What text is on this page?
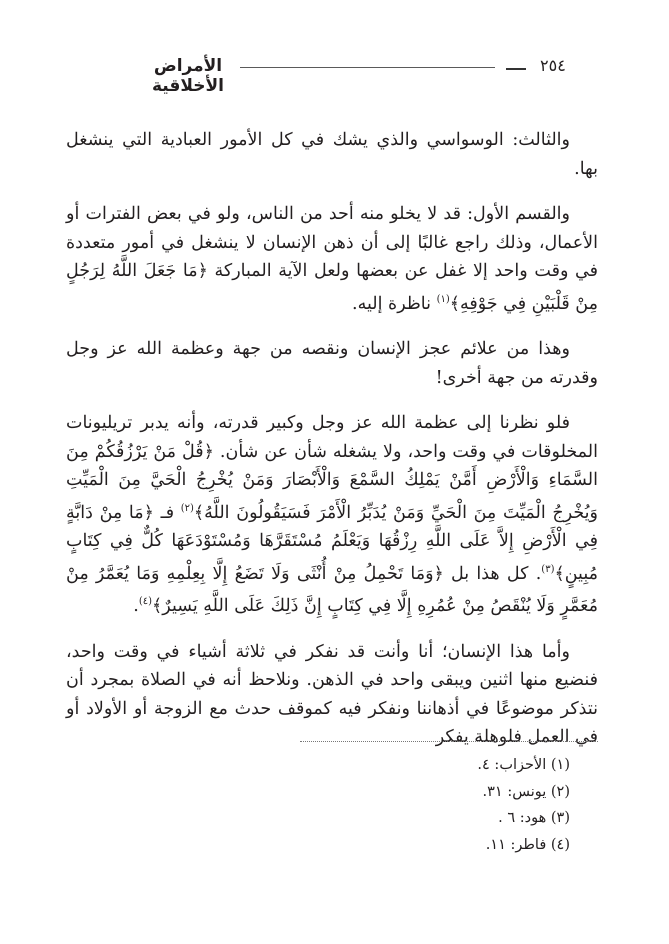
الأمراض الأخلاقية
٢٥٤

والثالث: الوسواسي والذي يشك في كل الأمور العبادية التي ينشغل بها.

والقسم الأول: قد لا يخلو منه أحد من الناس، ولو في بعض الفترات أو الأعمال، وذلك راجع غالبًا إلى أن ذهن الإنسان لا ينشغل في أمور متعددة في وقت واحد إلا غفل عن بعضها ولعل الآية المباركة ﴿مَا جَعَلَ اللَّهُ لِرَجُلٍ مِنْ قَلْبَيْنِ فِي جَوْفِهِ﴾$^{(١)}$ ناظرة إليه.

وهذا من علائم عجز الإنسان ونقصه من جهة وعظمة الله عز وجل وقدرته من جهة أخرى!

فلو نظرنا إلى عظمة الله عز وجل وكبير قدرته، وأنه يدبر تريليونات المخلوقات في وقت واحد، ولا يشغله شأن عن شأن. ﴿قُلْ مَنْ يَرْزُقُكُمْ مِنَ السَّمَاءِ وَالْأَرْضِ أَمَّنْ يَمْلِكُ السَّمْعَ وَالْأَبْصَارَ وَمَنْ يُخْرِجُ الْحَيَّ مِنَ الْمَيِّتِ وَيُخْرِجُ الْمَيِّتَ مِنَ الْحَيِّ وَمَنْ يُدَبِّرُ الْأَمْرَ فَسَيَقُولُونَ اللَّهُ﴾$^{(٢)}$ فـ ﴿مَا مِنْ دَابَّةٍ فِي الْأَرْضِ إِلاَّ عَلَى اللَّهِ رِزْقُهَا وَيَعْلَمُ مُسْتَقَرَّهَا وَمُسْتَوْدَعَهَا كُلٌّ فِي كِتَابٍ مُبِينٍ﴾$^{(٣)}$. كل هذا بل ﴿وَمَا تَحْمِلُ مِنْ أُنْثَى وَلَا تَضَعُ إِلَّا بِعِلْمِهِ وَمَا يُعَمَّرُ مِنْ مُعَمَّرٍ وَلَا يُنْقَصُ مِنْ عُمُرِهِ إِلَّا فِي كِتَابٍ إِنَّ ذَلِكَ عَلَى اللَّهِ يَسِيرٌ﴾$^{(٤)}$.

وأما هذا الإنسان؛ أنا وأنت قد نفكر في ثلاثة أشياء في وقت واحد، فنضيع منها اثنين ويبقى واحد في الذهن. ونلاحظ أنه في الصلاة بمجرد أن نتذكر موضوعًا في أذهاننا ونفكر فيه كموقف حدث مع الزوجة أو الأولاد أو في العمل فلوهلة يفكر

(١) الأحزاب: ٤.

(٢) يونس: ٣١.

(٣) هود: ٦ .

(٤) فاطر: ١١.
